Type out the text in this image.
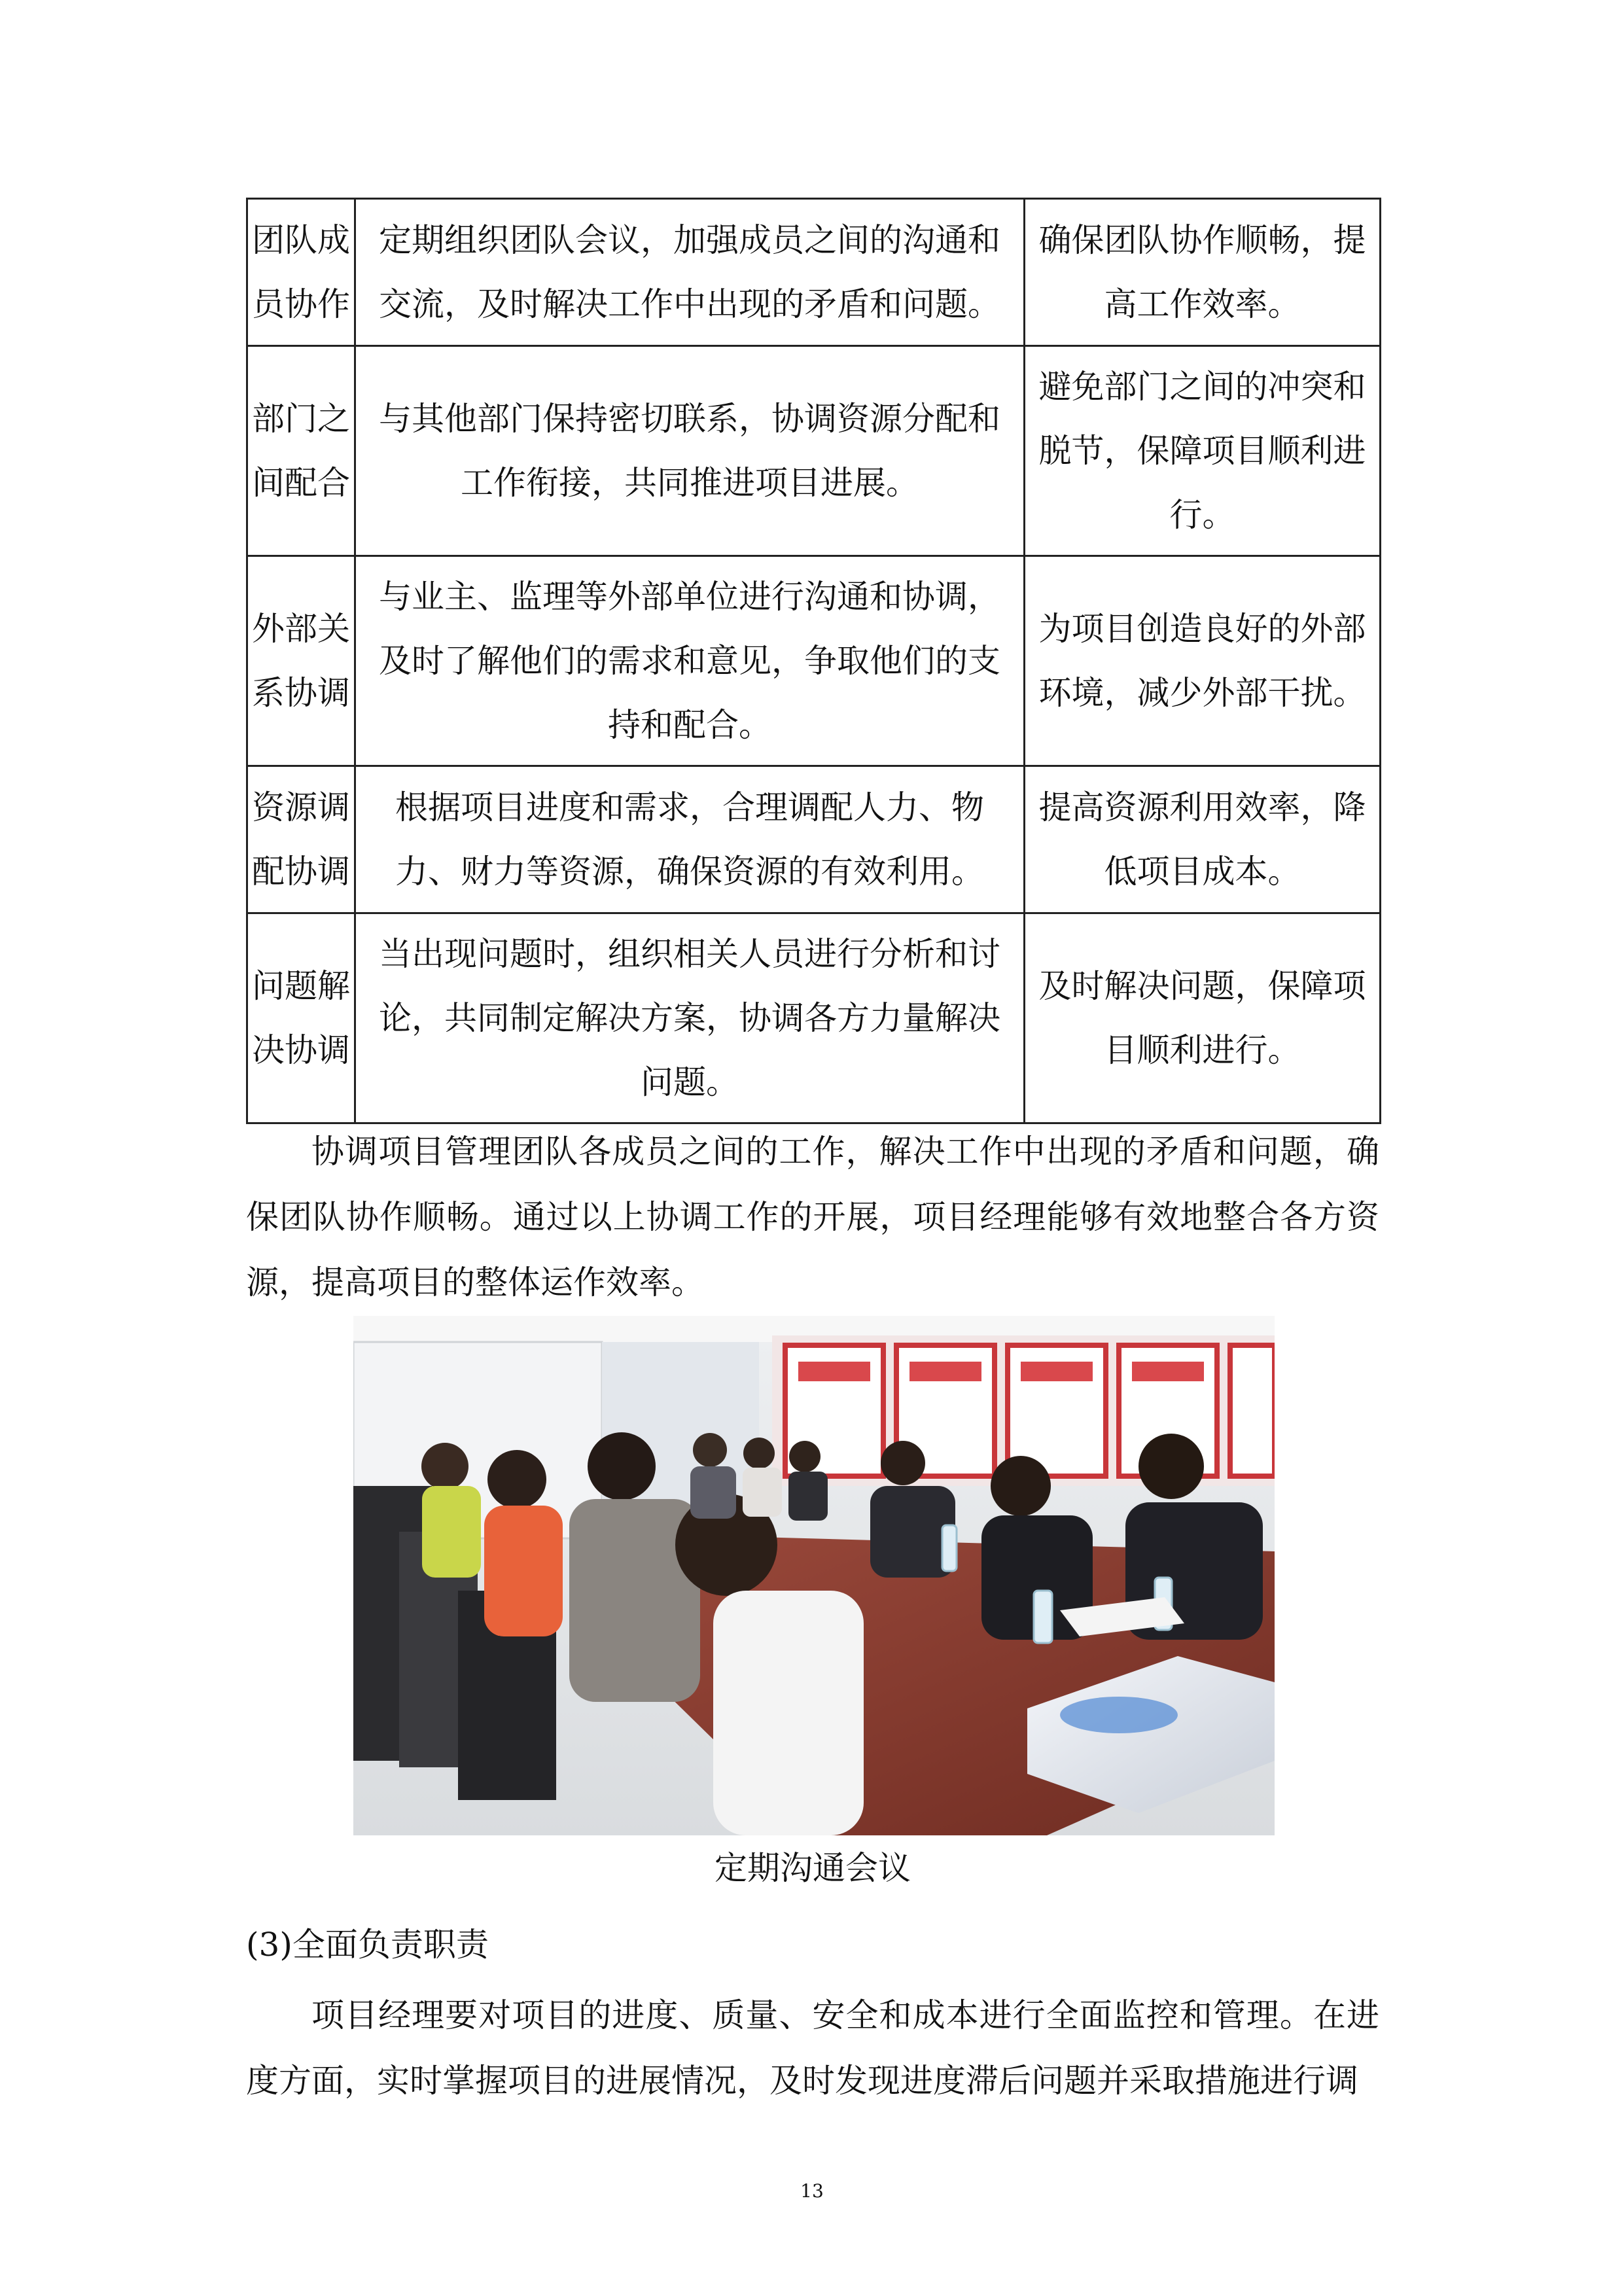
团队成员协作	定期组织团队会议，加强成员之间的沟通和交流，及时解决工作中出现的矛盾和问题。	确保团队协作顺畅，提高工作效率。
部门之间配合	与其他部门保持密切联系，协调资源分配和工作衔接，共同推进项目进展。	避免部门之间的冲突和脱节，保障项目顺利进行。
外部关系协调	与业主、监理等外部单位进行沟通和协调，及时了解他们的需求和意见，争取他们的支持和配合。	为项目创造良好的外部环境，减少外部干扰。
资源调配协调	根据项目进度和需求，合理调配人力、物力、财力等资源，确保资源的有效利用。	提高资源利用效率，降低项目成本。
问题解决协调	当出现问题时，组织相关人员进行分析和讨论，共同制定解决方案，协调各方力量解决问题。	及时解决问题，保障项目顺利进行。

协调项目管理团队各成员之间的工作，解决工作中出现的矛盾和问题，确保团队协作顺畅。通过以上协调工作的开展，项目经理能够有效地整合各方资源，提高项目的整体运作效率。

定期沟通会议
(3)全面负责职责

项目经理要对项目的进度、质量、安全和成本进行全面监控和管理。在进度方面，实时掌握项目的进展情况，及时发现进度滞后问题并采取措施进行调

13
